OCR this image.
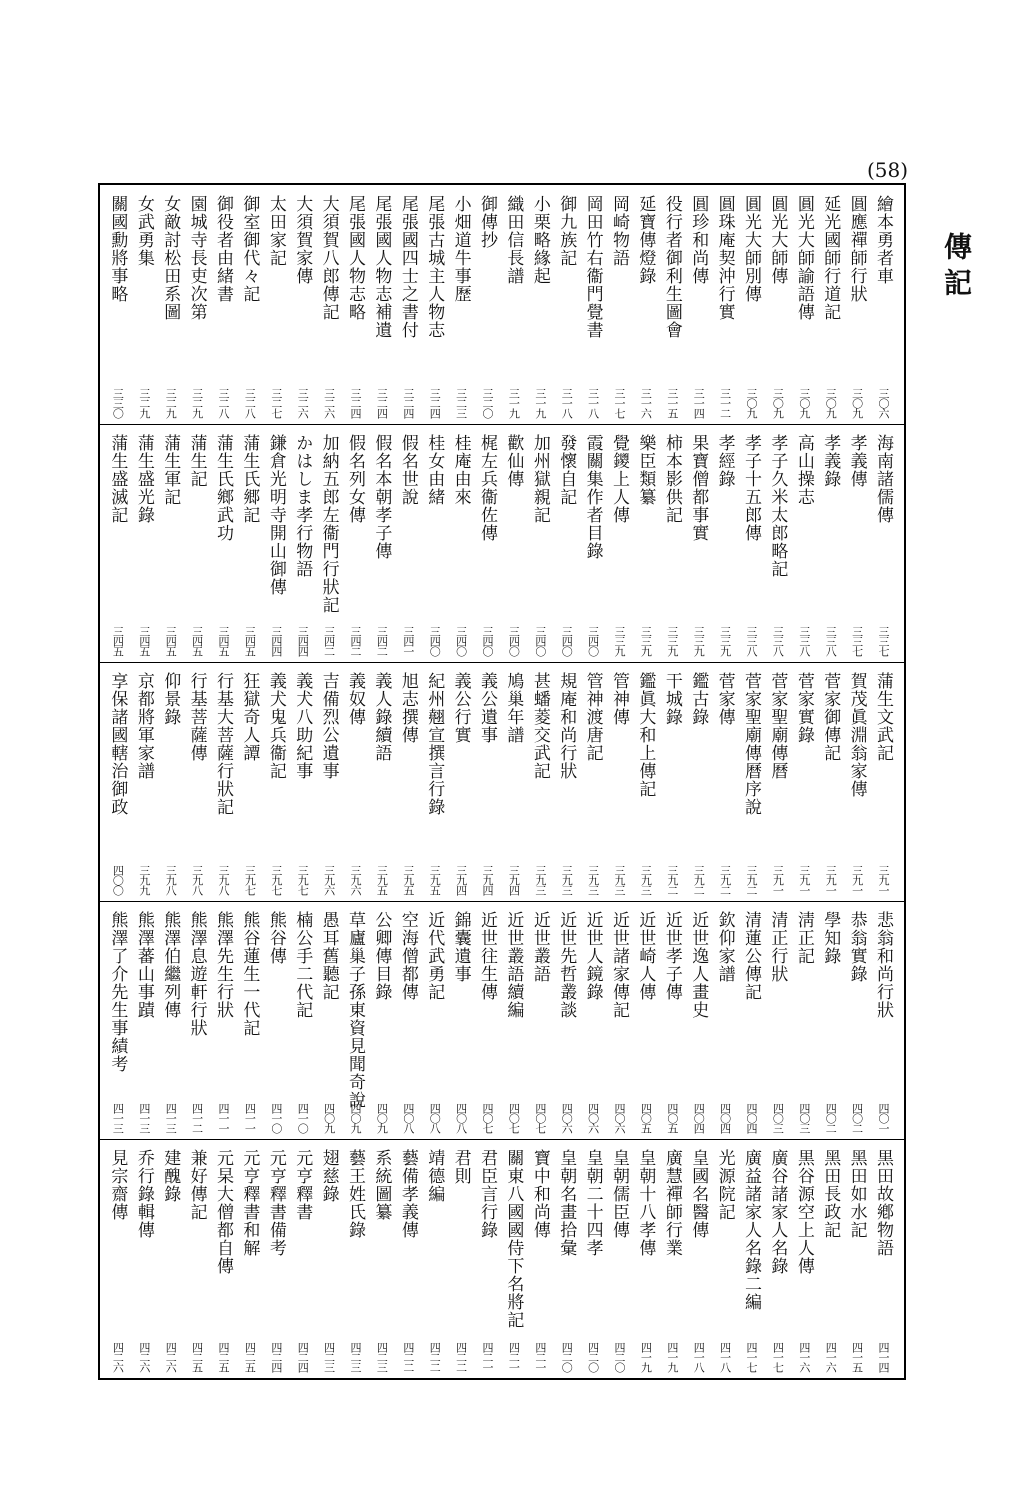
(58)
傳記
繪本勇者車
三〇六
圓應禪師行狀
三〇九
延光國師行道記
三〇九
圓光大師諭語傳
三〇九
圓光大師傳
三〇九
圓光大師別傳
三〇九
圓珠庵契沖行實
三一二
圓珍和尚傳
三一四
役行者御利生圖會
三一五
延寶傳燈錄
三一六
岡崎物語
三一七
岡田竹右衞門覺書
三一八
御九族記
三一八
小栗略緣起
三一九
織田信長譜
三一九
御傳抄
三二〇
小畑道牛事歷
三二三
尾張古城主人物志
三二四
尾張國四士之書付
三二四
尾張國人物志補遺
三二四
尾張國人物志略
三二四
大須賀八郎傳記
三二六
大須賀家傳
三二六
太田家記
三二七
御室御代々記
三二八
御役者由緒書
三二八
園城寺長吏次第
三二九
女敵討松田系圖
三二九
女武勇集
三二九
關國勳將事略
三三〇
海南諸儒傳
三三七
孝義傳
三三七
孝義錄
三三八
高山操志
三三八
孝子久米太郎略記
三三八
孝子十五郎傳
三三八
孝經錄
三三九
果寶僧都事實
三三九
柿本影供記
三三九
樂臣類纂
三三九
覺鑁上人傳
三三九
霞關集作者目錄
三四〇
發懷自記
三四〇
加州獄親記
三四〇
歡仙傳
三四〇
梶左兵衞佐傳
三四〇
桂庵由來
三四〇
桂女由緒
三四〇
假名世說
三四一
假名本朝孝子傳
三四二
假名列女傳
三四二
加納五郎左衞門行狀記
三四二
かはしま孝行物語
三四四
鎌倉光明寺開山御傳
三四四
蒲生氏郷記
三四五
蒲生氏鄉武功
三四五
蒲生記
三四五
蒲生軍記
三四五
蒲生盛光錄
三四五
蒲生盛滅記
三四五
蒲生文武記
三九一
賀茂眞淵翁家傳
三九一
菅家御傳記
三九一
菅家實錄
三九一
菅家聖廟傳曆
三九一
菅家聖廟傳曆序說
三九二
菅家傳
三九二
鑑古錄
三九二
干城錄
三九二
鑑眞大和上傳記
三九三
管神傳
三九三
管神渡唐記
三九三
規庵和尚行狀
三九三
甚蟠菱交武記
三九三
鳩巢年譜
三九四
義公遺事
三九四
義公行實
三九四
紀州翹宣撰言行錄
三九五
旭志撰傳
三九五
義人錄續語
三九五
義奴傳
三九六
吉備烈公遺事
三九六
義犬八助紀事
三九七
義犬鬼兵衞記
三九七
狂獄奇人譚
三九七
行基大菩薩行狀記
三九八
行基菩薩傳
三九八
仰景錄
三九八
京都將軍家譜
三九九
享保諸國轄治御政
四〇〇
悲翁和尚行狀
四〇一
恭翁實錄
四〇二
學知錄
四〇二
淸正記
四〇三
清正行狀
四〇三
清蓮公傳記
四〇四
欽仰家譜
四〇四
近世逸人畫史
四〇四
近世孝子傳
四〇五
近世崎人傳
四〇五
近世諸家傳記
四〇六
近世人鏡錄
四〇六
近世先哲叢談
四〇六
近世叢語
四〇七
近世叢語續編
四〇七
近世往生傳
四〇七
錦囊遺事
四〇八
近代武勇記
四〇八
空海僧都傳
四〇八
公卿傳目錄
四〇九
草廬巢子孫東資見聞奇說
四〇九
愚耳舊聽記
四〇九
楠公手二代記
四一〇
熊谷傳
四一〇
熊谷蓮生一代記
四一一
熊澤先生行狀
四一一
熊澤息遊軒行狀
四一二
熊澤伯繼列傳
四一三
熊澤蕃山事蹟
四一三
熊澤了介先生事績考
四一三
黒田故鄕物語
四一四
黑田如水記
四一五
黑田長政記
四一六
黒谷源空上人傳
四一六
廣谷諸家人名錄
四一七
廣益諸家人名錄二編
四一七
光源院記
四一八
皇國名醫傳
四一八
廣慧禪師行業
四一九
皇朝十八孝傳
四一九
皇朝儒臣傳
四二〇
皇朝二十四孝
四二〇
皇朝名畫拾彙
四二〇
寶中和尚傳
四二一
關東八國國侍下名將記
四二一
君臣言行錄
四二一
君則
四二二
靖德編
四二二
藝備孝義傳
四二二
系統圖纂
四二三
藝王姓氏錄
四二三
翅慈錄
四二三
元亨釋書
四二四
元亨釋書備考
四二四
元亨釋書和解
四二五
元杲大僧都自傳
四二五
兼好傳記
四二五
建醜錄
四二六
乔行錄輯傳
四二六
見宗齋傳
四二六
